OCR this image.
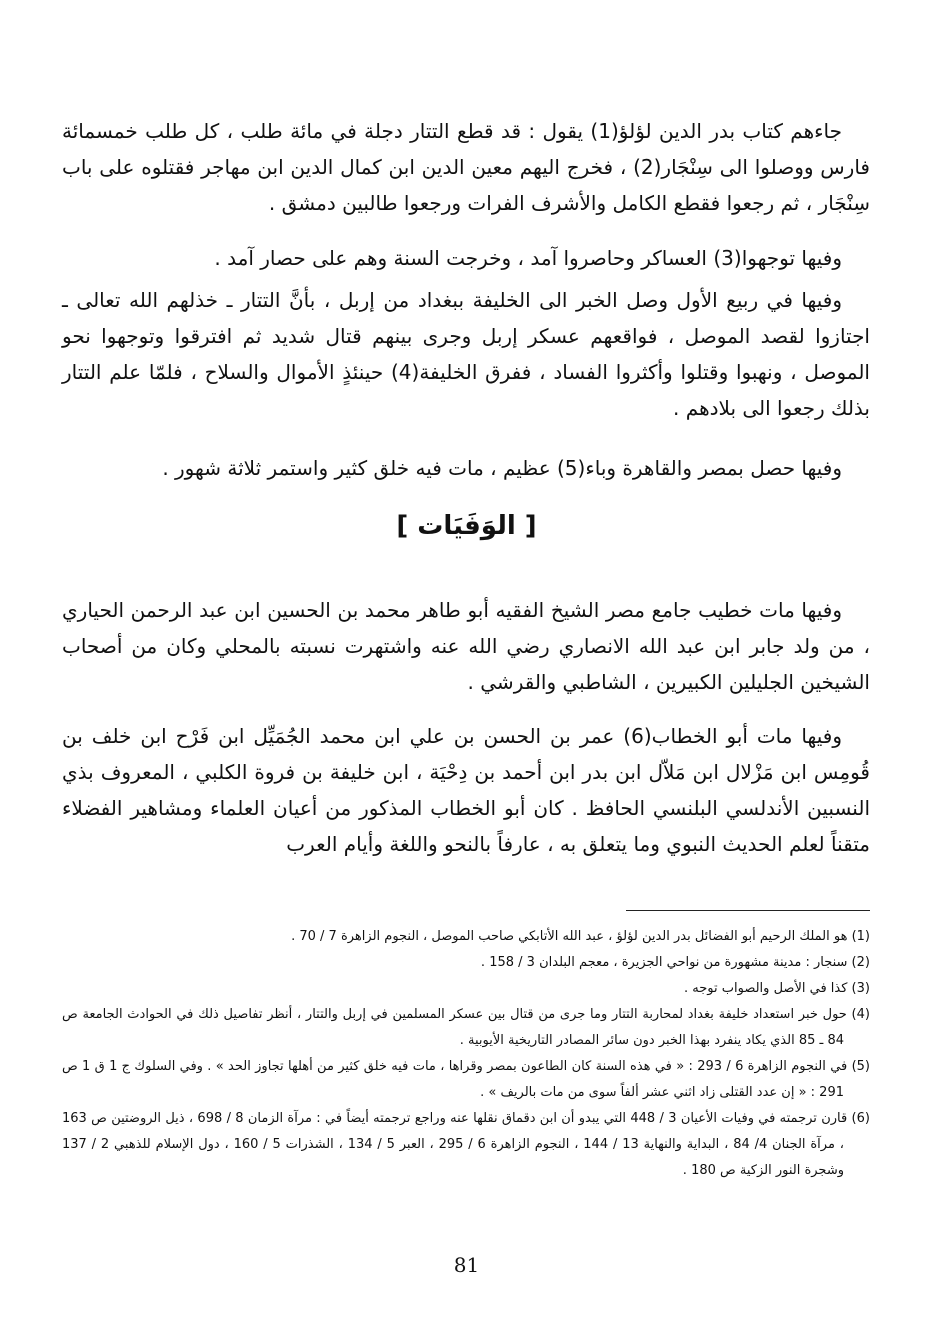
جاءهم كتاب بدر الدين لؤلؤ(1) يقول : قد قطع التتار دجلة في مائة طلب ، كل طلب خمسمائة فارس ووصلوا الى سِنْجَار(2) ، فخرج اليهم معين الدين ابن كمال الدين ابن مهاجر فقتلوه على باب سِنْجَار ، ثم رجعوا فقطع الكامل والأشرف الفرات ورجعوا طالبين دمشق .

وفيها توجهوا(3) العساكر وحاصروا آمد ، وخرجت السنة وهم على حصار آمد .

وفيها في ربيع الأول وصل الخبر الى الخليفة ببغداد من إربل ، بأنَّ التتار ـ خذلهم الله تعالى ـ اجتازوا لقصد الموصل ، فواقعهم عسكر إربل وجرى بينهم قتال شديد ثم افترقوا وتوجهوا نحو الموصل ، ونهبوا وقتلوا وأكثروا الفساد ، ففرق الخليفة(4) حينئذٍ الأموال والسلاح ، فلمّا علم التتار بذلك رجعوا الى بلادهم .

وفيها حصل بمصر والقاهرة وباء(5) عظيم ، مات فيه خلق كثير واستمر ثلاثة شهور .

[ الوَفَيَات ]

وفيها مات خطيب جامع مصر الشيخ الفقيه أبو طاهر محمد بن الحسين ابن عبد الرحمن الحياري ، من ولد جابر ابن عبد الله الانصاري رضي الله عنه واشتهرت نسبته بالمحلي وكان من أصحاب الشيخين الجليلين الكبيرين ، الشاطبي والقرشي .

وفيها مات أبو الخطاب(6) عمر بن الحسن بن علي ابن محمد الجُمَيِّل ابن فَرْح ابن خلف بن قُومِس ابن مَزْلال ابن مَلاّل ابن بدر ابن أحمد بن دِحْيَة ، ابن خليفة بن فروة الكلبي ، المعروف بذي النسبين الأندلسي البلنسي الحافظ . كان أبو الخطاب المذكور من أعيان العلماء ومشاهير الفضلاء متقناً لعلم الحديث النبوي وما يتعلق به ، عارفاً بالنحو واللغة وأيام العرب

(1) هو الملك الرحيم أبو الفضائل بدر الدين لؤلؤ ، عبد الله الأتابكي صاحب الموصل ، النجوم الزاهرة 7 / 70 .

(2) سنجار : مدينة مشهورة من نواحي الجزيرة ، معجم البلدان 3 / 158 .

(3) كذا في الأصل والصواب توجه .

(4) حول خبر استعداد خليفة بغداد لمحاربة التتار وما جرى من قتال بين عسكر المسلمين في إربل والتتار ، أنظر تفاصيل ذلك في الحوادث الجامعة ص 84 ـ 85 الذي يكاد ينفرد بهذا الخبر دون سائر المصادر التاريخية الأيوبية .

(5) في النجوم الزاهرة 6 / 293 : « في هذه السنة كان الطاعون بمصر وقراها ، مات فيه خلق كثير من أهلها تجاوز الحد » . وفي السلوك ج 1 ق 1 ص 291 : « إن عدد القتلى زاد اثني عشر ألفاً سوى من مات بالريف » .

(6) قارن ترجمته في وفيات الأعيان 3 / 448 التي يبدو أن ابن دقماق نقلها عنه وراجع ترجمته أيضاً في : مرآة الزمان 8 / 698 ، ذيل الروضتين ص 163 ، مرآة الجنان 4/ 84 ، البداية والنهاية 13 / 144 ، النجوم الزاهرة 6 / 295 ، العبر 5 / 134 ، الشذرات 5 / 160 ، دول الإسلام للذهبي 2 / 137 وشجرة النور الزكية ص 180 .

81
